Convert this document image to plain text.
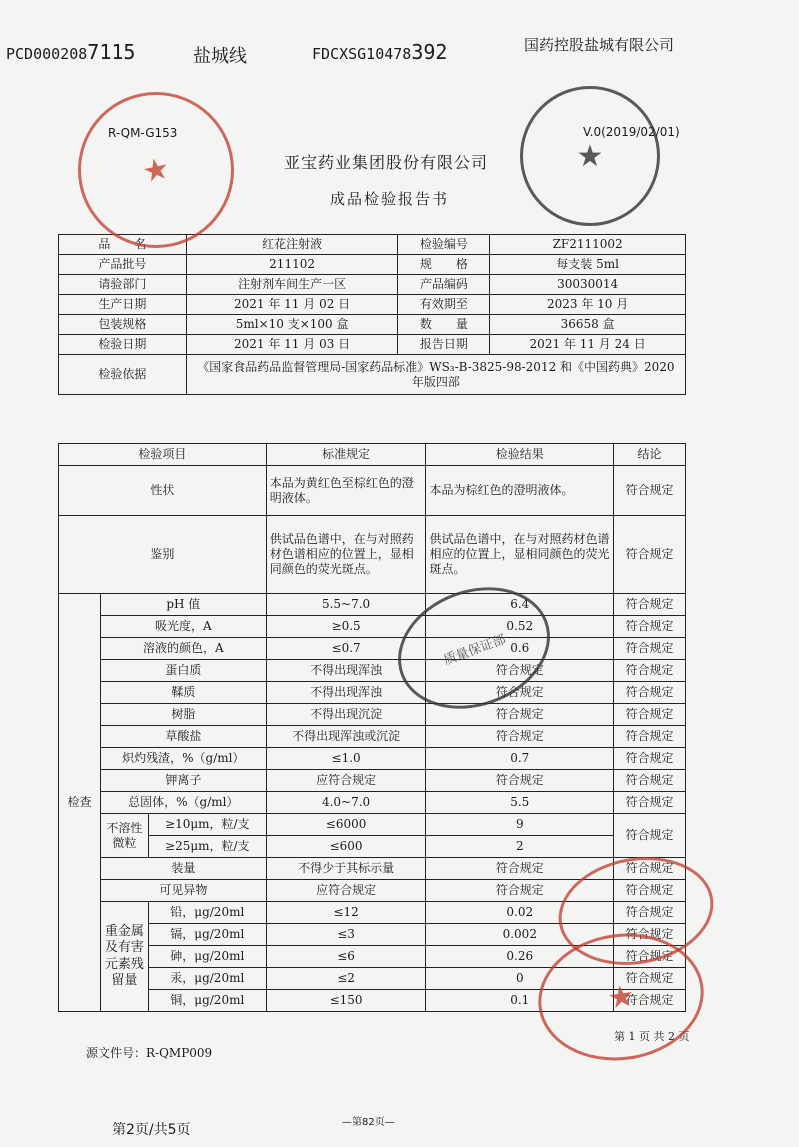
PCD0002087115	盐城线	FDCXSG10478392	国药控股盐城有限公司
R-QM-G153	V.0(2019/02/01)
亚宝药业集团股份有限公司
成品检验报告书
品　　名	红花注射液	检验编号	ZF2111002
产品批号	211102	规　　格	每支装 5ml
请验部门	注射剂车间生产一区	产品编码	30030014
生产日期	2021 年 11 月 02 日	有效期至	2023 年 10 月
包装规格	5ml×10 支×100 盒	数　　量	36658 盒
检验日期	2021 年 11 月 03 日	报告日期	2021 年 11 月 24 日
检验依据	《国家食品药品监督管理局-国家药品标准》WS₃-B-3825-98-2012 和《中国药典》2020 年版四部		
检验项目			标准规定	检验结果	结论
性状			本品为黄红色至棕红色的澄明液体。	本品为棕红色的澄明液体。	符合规定
鉴别			供试品色谱中，在与对照药材色谱相应的位置上，显相同颜色的荧光斑点。	供试品色谱中，在与对照药材色谱相应的位置上，显相同颜色的荧光斑点。	符合规定
检查	pH 值		5.5~7.0	6.4	符合规定
	吸光度，A		≥0.5	0.52	符合规定
	溶液的颜色，A		≤0.7	0.6	符合规定
	蛋白质		不得出现浑浊	符合规定	符合规定
	鞣质		不得出现浑浊	符合规定	符合规定
	树脂		不得出现沉淀	符合规定	符合规定
	草酸盐		不得出现浑浊或沉淀	符合规定	符合规定
	炽灼残渣，%（g/ml）		≤1.0	0.7	符合规定
	钾离子		应符合规定	符合规定	符合规定
	总固体，%（g/ml）		4.0~7.0	5.5	符合规定
	不溶性微粒	≥10μm，粒/支	≤6000	9	符合规定
		≥25μm，粒/支	≤600	2	
	装量		不得少于其标示量	符合规定	符合规定
	可见异物		应符合规定	符合规定	符合规定
	重金属及有害元素残留量	铅，μg/20ml	≤12	0.02	符合规定
		镉，μg/20ml	≤3	0.002	符合规定
		砷，μg/20ml	≤6	0.26	符合规定
		汞，μg/20ml	≤2	0	符合规定
		铜，μg/20ml	≤150	0.1	符合规定
源文件号：R-QMP009
第 1 页 共 2 页
第2页/共5页	—第82页—
★	★
质量保证部
★
